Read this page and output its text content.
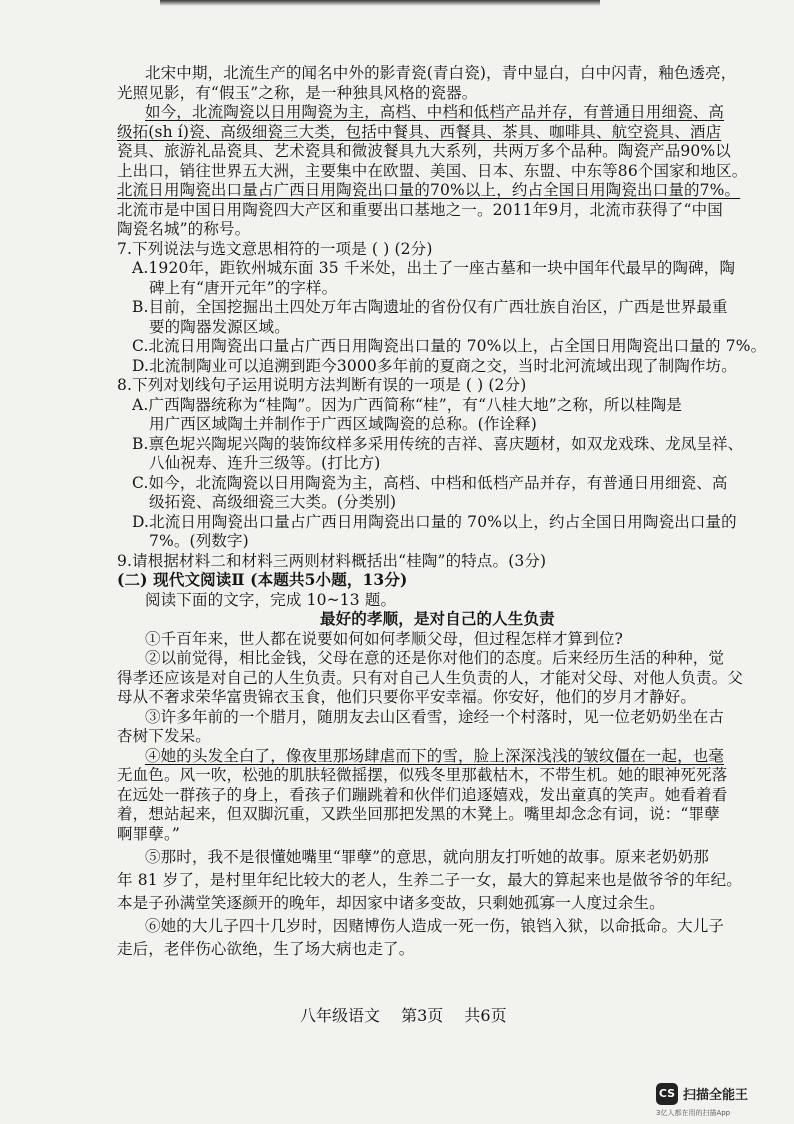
北宋中期，北流生产的闻名中外的影青瓷(青白瓷)，青中显白，白中闪青，釉色透亮，
光照见影，有“假玉”之称，是一种独具风格的瓷器。
如今，北流陶瓷以日用陶瓷为主，高档、中档和低档产品并存，有普通日用细瓷、高
级拓(sh í)瓷、高级细瓷三大类，包括中餐具、西餐具、茶具、咖啡具、航空瓷具、酒店
瓷具、旅游礼品瓷具、艺术瓷具和微波餐具九大系列，共两万多个品种。陶瓷产品90%以
上出口，销往世界五大洲，主要集中在欧盟、美国、日本、东盟、中东等86个国家和地区。
北流日用陶瓷出口量占广西日用陶瓷出口量的70%以上，约占全国日用陶瓷出口量的7%。
北流市是中国日用陶瓷四大产区和重要出口基地之一。2011年9月，北流市获得了“中国
陶瓷名城”的称号。
7.下列说法与选文意思相符的一项是 ( ) (2分)
A.1920年，距钦州城东面 35 千米处，出土了一座古墓和一块中国年代最早的陶碑，陶
碑上有“唐开元年”的字样。
B.目前，全国挖掘出土四处万年古陶遗址的省份仅有广西壮族自治区，广西是世界最重
要的陶器发源区域。
C.北流日用陶瓷出口量占广西日用陶瓷出口量的 70%以上，占全国日用陶瓷出口量的 7%。
D.北流制陶业可以追溯到距今3000多年前的夏商之交，当时北河流域出现了制陶作坊。
8.下列对划线句子运用说明方法判断有误的一项是 ( ) (2分)
A.广西陶器统称为“桂陶”。因为广西简称“桂”，有“八桂大地”之称，所以桂陶是
用广西区域陶土并制作于广西区域陶瓷的总称。(作诠释)
B.禀色坭兴陶坭兴陶的装饰纹样多采用传统的吉祥、喜庆题材，如双龙戏珠、龙凤呈祥、
八仙祝寿、连升三级等。(打比方)
C.如今，北流陶瓷以日用陶瓷为主，高档、中档和低档产品并存，有普通日用细瓷、高
级拓瓷、高级细瓷三大类。(分类别)
D.北流日用陶瓷出口量占广西日用陶瓷出口量的 70%以上，约占全国日用陶瓷出口量的
7%。(列数字)
9.请根据材料二和材料三两则材料概括出“桂陶”的特点。(3分)
(二) 现代文阅读Ⅱ (本题共5小题，13分)
阅读下面的文字，完成 10~13 题。
最好的孝顺，是对自己的人生负责
①千百年来，世人都在说要如何如何孝顺父母，但过程怎样才算到位?
②以前觉得，相比金钱，父母在意的还是你对他们的态度。后来经历生活的种种，觉
得孝还应该是对自己的人生负责。只有对自己人生负责的人，才能对父母、对他人负责。父
母从不奢求荣华富贵锦衣玉食，他们只要你平安幸福。你安好，他们的岁月才静好。
③许多年前的一个腊月，随朋友去山区看雪，途经一个村落时，见一位老奶奶坐在古
杏树下发呆。
④她的头发全白了，像夜里那场肆虐而下的雪，脸上深深浅浅的皱纹僵在一起，也毫
无血色。风一吹，松弛的肌肤轻微摇摆，似残冬里那截枯木，不带生机。她的眼神死死落
在远处一群孩子的身上，看孩子们蹦跳着和伙伴们追逐嬉戏，发出童真的笑声。她看着看
着，想站起来，但双脚沉重，又跌坐回那把发黑的木凳上。嘴里却念念有词，说：“罪孽
啊罪孽。”
⑤那时，我不是很懂她嘴里“罪孽”的意思，就向朋友打听她的故事。原来老奶奶那
年 81 岁了，是村里年纪比较大的老人，生养二子一女，最大的算起来也是做爷爷的年纪。
本是子孙满堂笑逐颜开的晚年，却因家中诸多变故，只剩她孤寡一人度过余生。
⑥她的大儿子四十几岁时，因赌博伤人造成一死一伤，锒铛入狱，以命抵命。大儿子
走后，老伴伤心欲绝，生了场大病也走了。
八年级语文 第3页 共6页
CS 扫描全能王
3亿人都在用的扫描App
